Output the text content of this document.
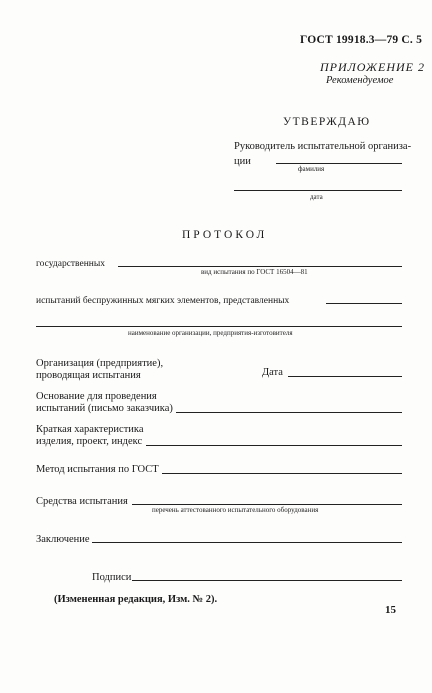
ГОСТ 19918.3—79 С. 5
ПРИЛОЖЕНИЕ 2
Рекомендуемое
УТВЕРЖДАЮ
Руководитель испытательной организа-
ции
фамилия
дата
ПРОТОКОЛ
государственных
вид испытания по ГОСТ 16504—81
испытаний беспружинных мягких элементов, представленных
наименование организации, предприятия-изготовителя
Организация (предприятие),
проводящая испытания	Дата
Основание для проведения
испытаний (письмо заказчика)
Краткая характеристика
изделия, проект, индекс
Метод испытания по ГОСТ
Средства испытания
перечень аттестованного испытательного оборудования
Заключение
Подписи
(Измененная редакция, Изм. № 2).
15
